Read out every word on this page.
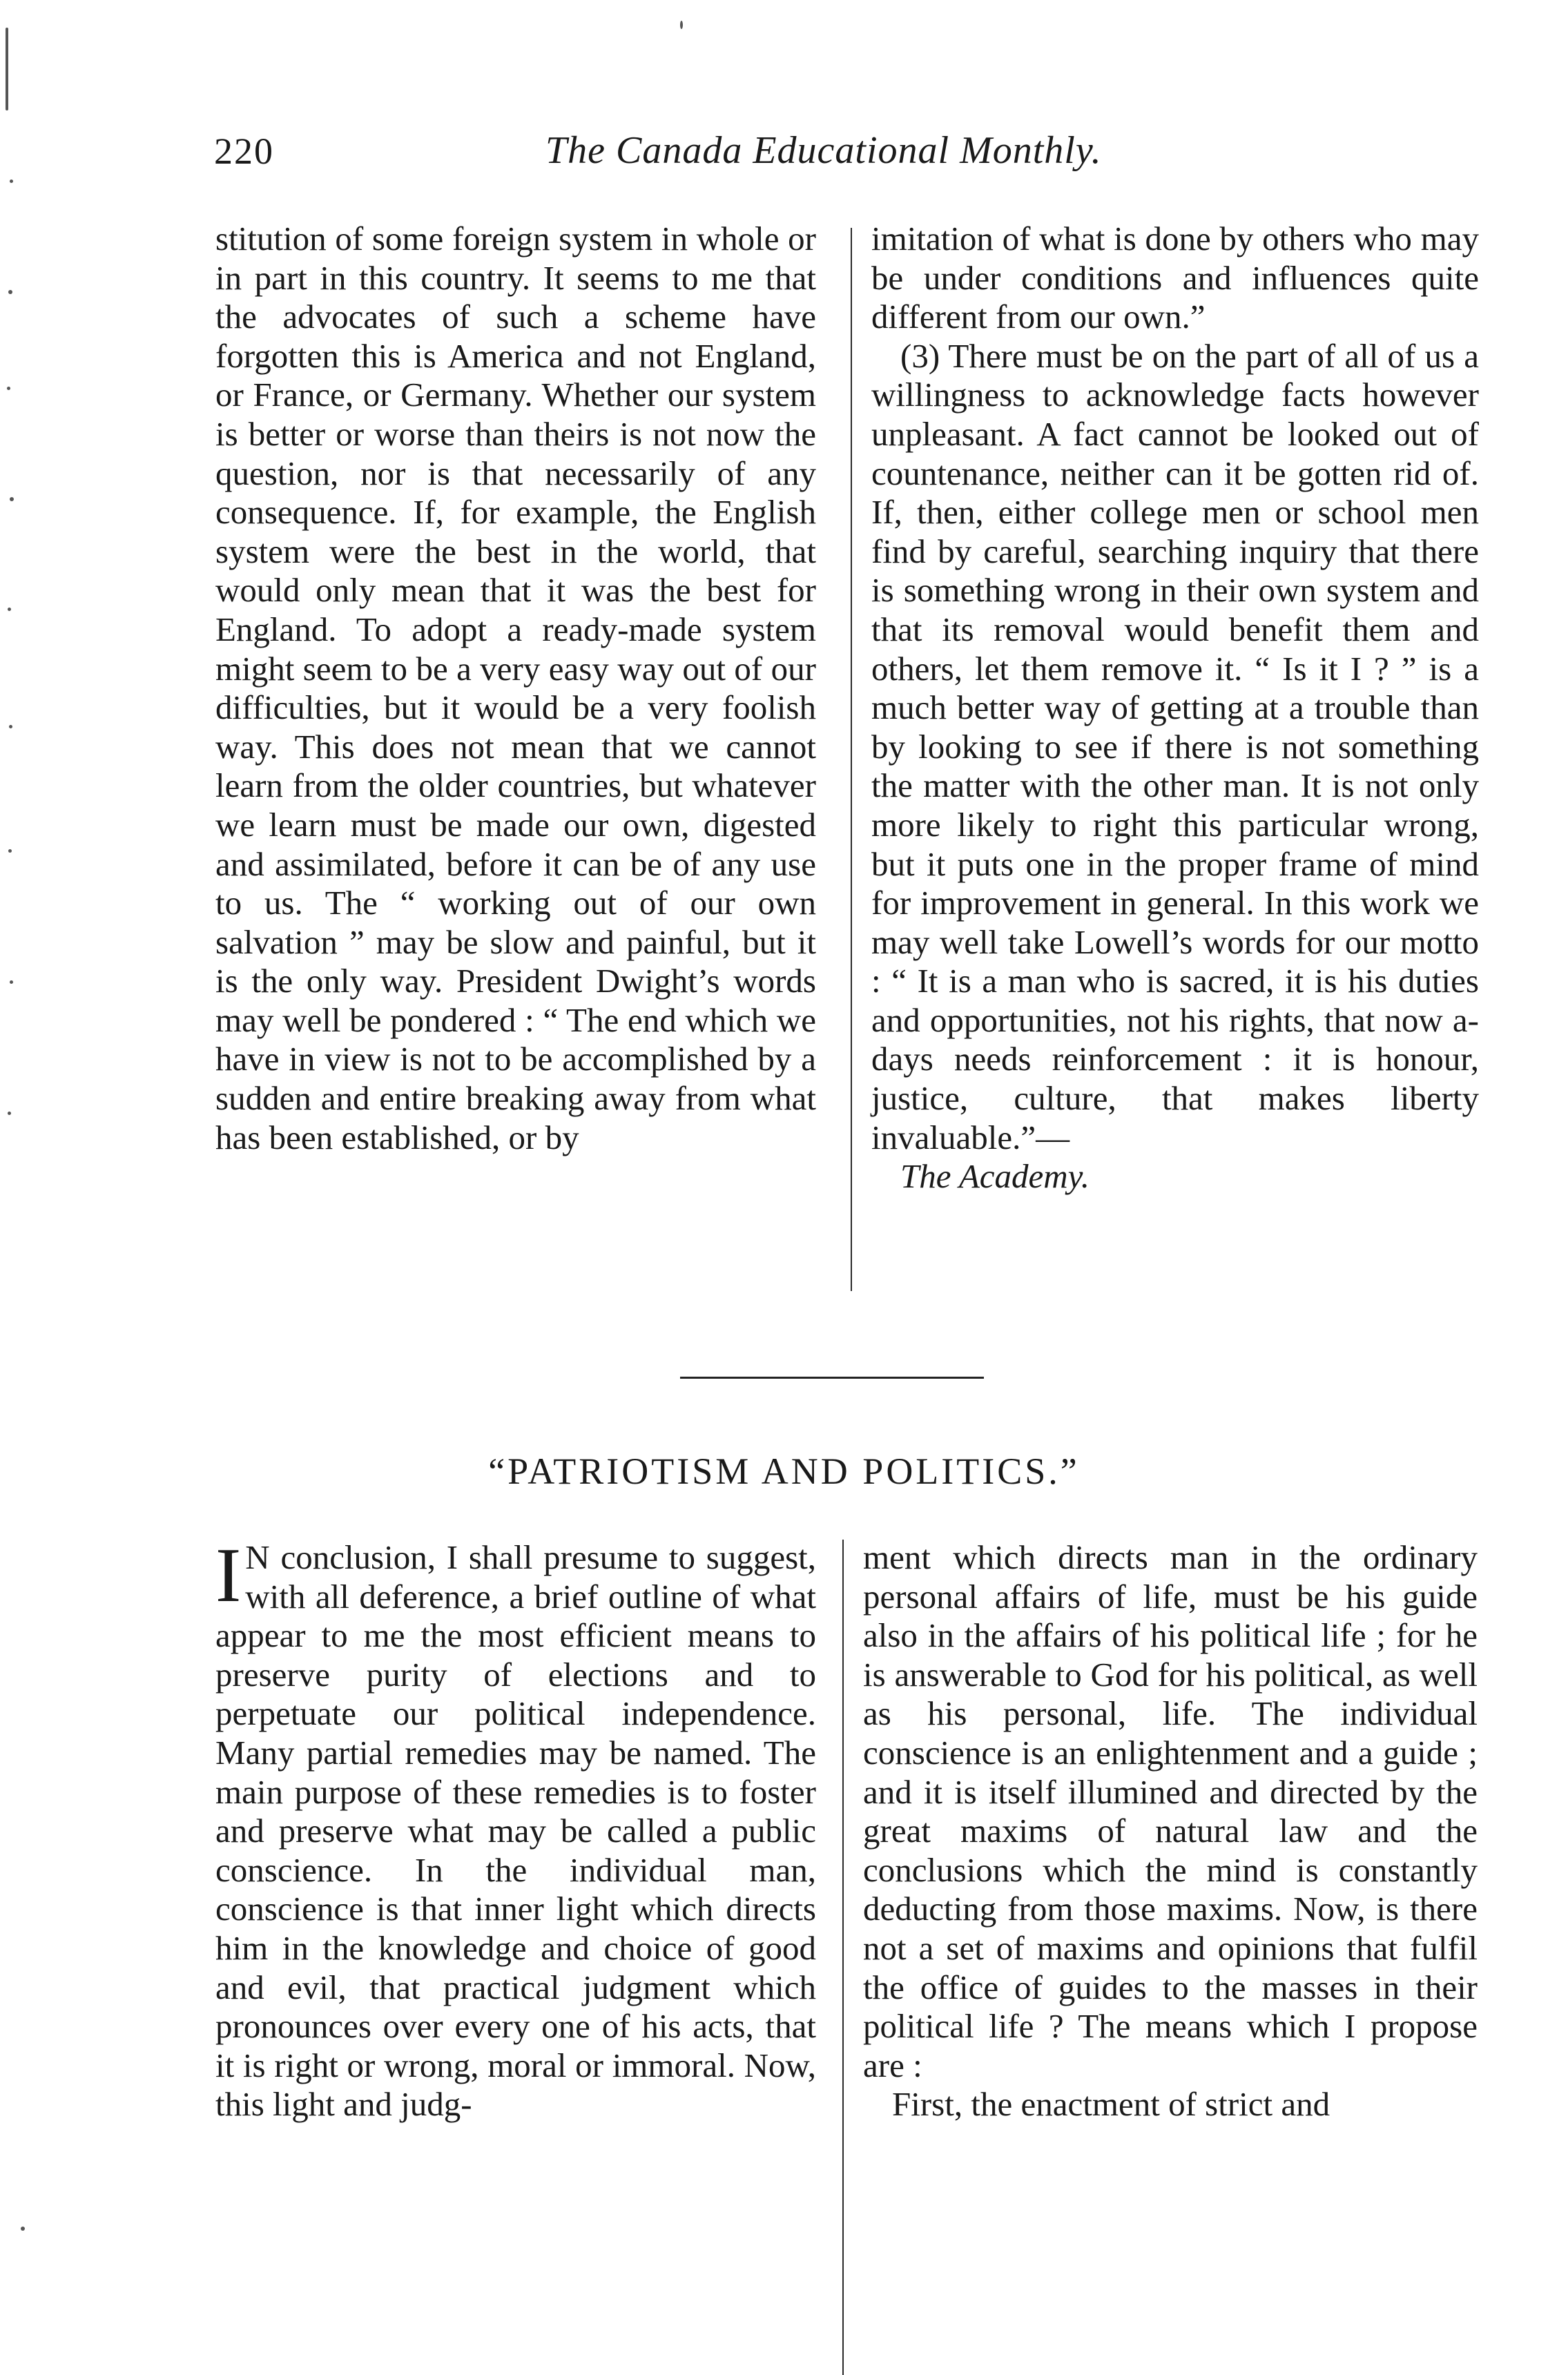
220	The Canada Educational Monthly.

stitution of some foreign system in whole or in part in this country. It seems to me that the advocates of such a scheme have forgotten this is America and not England, or France, or Germany. Whether our system is better or worse than theirs is not now the question, nor is that necessarily of any consequence. If, for example, the English system were the best in the world, that would only mean that it was the best for England. To adopt a ready-made system might seem to be a very easy way out of our difficulties, but it would be a very foolish way. This does not mean that we cannot learn from the older countries, but whatever we learn must be made our own, digested and assimilated, before it can be of any use to us. The “ working out of our own salvation ” may be slow and painful, but it is the only way. President Dwight’s words may well be pondered : “ The end which we have in view is not to be accomplished by a sudden and entire breaking away from what has been established, or by

imitation of what is done by others who may be under conditions and influences quite different from our own.”

(3) There must be on the part of all of us a willingness to acknowledge facts however unpleasant. A fact cannot be looked out of countenance, neither can it be gotten rid of. If, then, either college men or school men find by careful, searching inquiry that there is something wrong in their own system and that its removal would benefit them and others, let them remove it. “ Is it I ? ” is a much better way of getting at a trouble than by looking to see if there is not something the matter with the other man. It is not only more likely to right this particular wrong, but it puts one in the proper frame of mind for improvement in general. In this work we may well take Lowell’s words for our motto : “ It is a man who is sacred, it is his duties and opportunities, not his rights, that now a-days needs reinforcement : it is honour, justice, culture, that makes liberty invaluable.”—
The Academy.

“PATRIOTISM AND POLITICS.”

I N conclusion, I shall presume to suggest, with all deference, a brief outline of what appear to me the most efficient means to preserve purity of elections and to perpetuate our political independence. Many partial remedies may be named. The main purpose of these remedies is to foster and preserve what may be called a public conscience. In the individual man, conscience is that inner light which directs him in the knowledge and choice of good and evil, that practical judgment which pronounces over every one of his acts, that it is right or wrong, moral or immoral. Now, this light and judg-

ment which directs man in the ordinary personal affairs of life, must be his guide also in the affairs of his political life ; for he is answerable to God for his political, as well as his personal, life. The individual conscience is an enlightenment and a guide ; and it is itself illumined and directed by the great maxims of natural law and the conclusions which the mind is constantly deducting from those maxims. Now, is there not a set of maxims and opinions that fulfil the office of guides to the masses in their political life ? The means which I propose are :

First, the enactment of strict and
